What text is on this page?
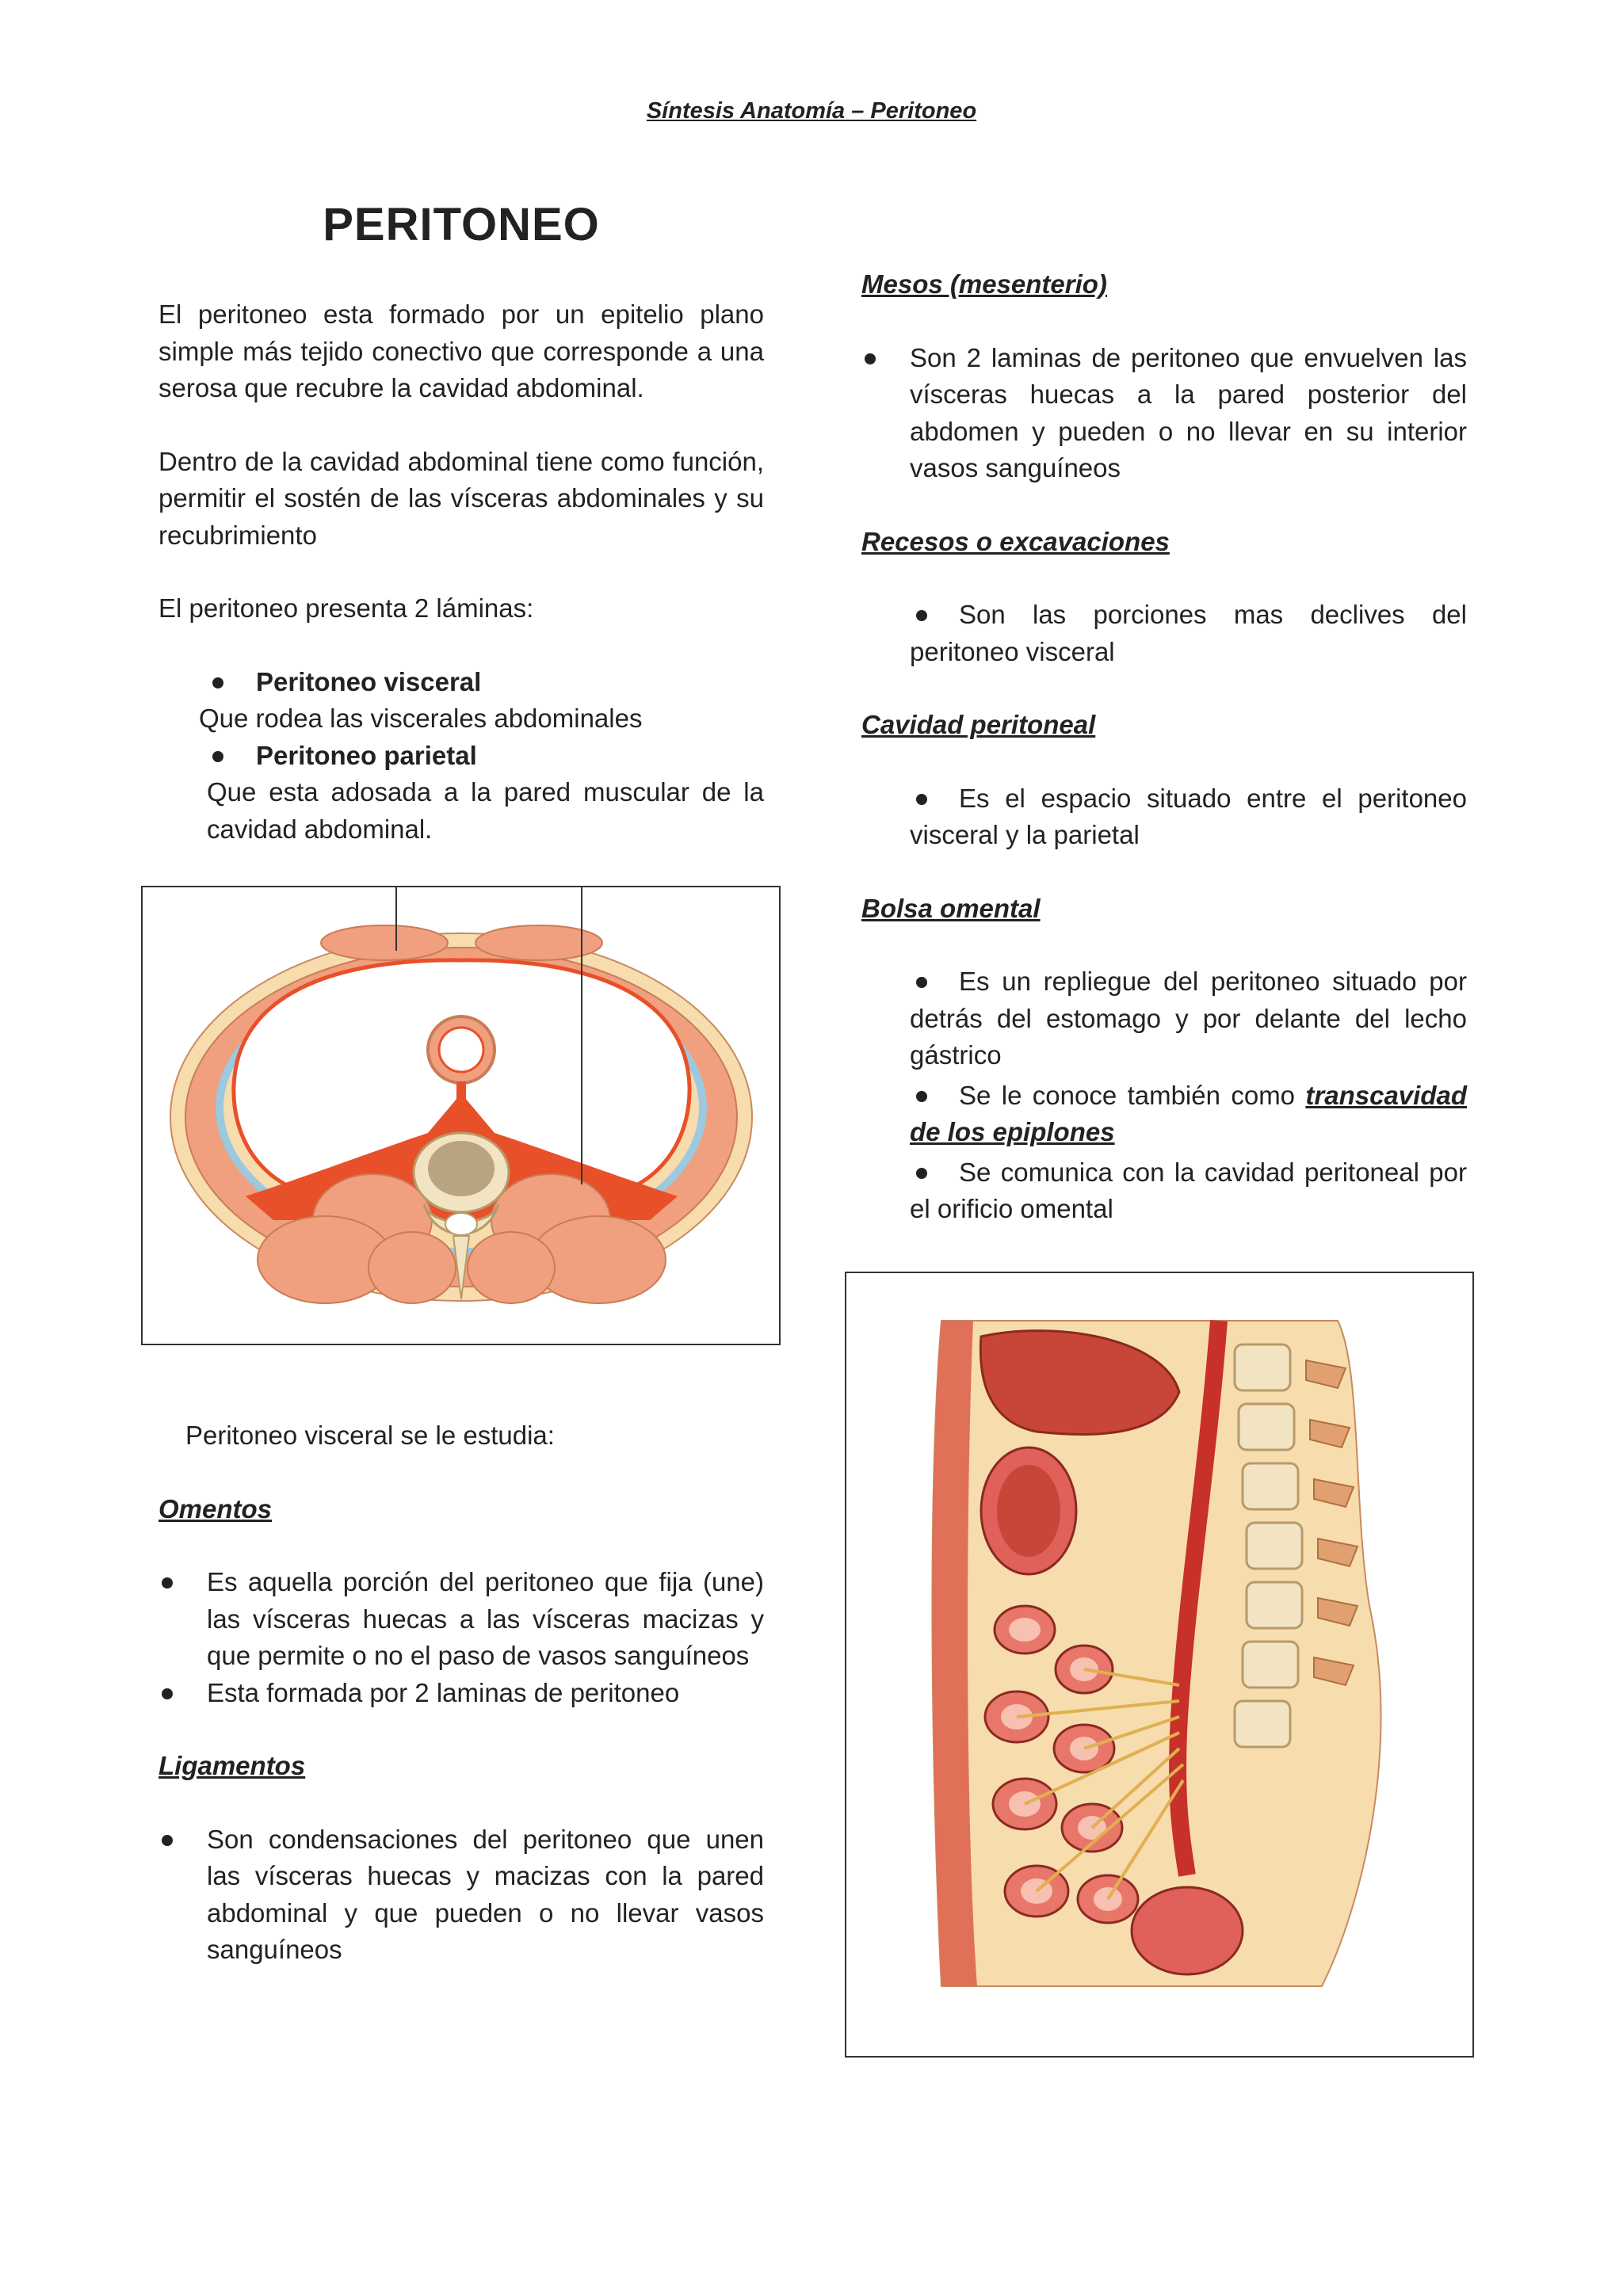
Síntesis Anatomía – Peritoneo
PERITONEO

El peritoneo esta formado por un epitelio plano simple más tejido conectivo que corresponde a una serosa que recubre la cavidad abdominal.

Dentro de la cavidad abdominal tiene como función, permitir el sostén de las vísceras abdominales y su recubrimiento

El peritoneo presenta 2 láminas:

Peritoneo visceral

Que rodea las viscerales abdominales

Peritoneo parietal

Que esta adosada a la pared muscular de la cavidad abdominal.

Peritoneo visceral se le estudia:

Omentos

Es aquella porción del peritoneo que fija (une) las vísceras huecas a las vísceras macizas y que permite o no el paso de vasos sanguíneos
Esta formada por 2 laminas de peritoneo

Ligamentos

Son condensaciones del peritoneo que unen las vísceras huecas y macizas con la pared abdominal y que pueden o no llevar vasos sanguíneos

Mesos (mesenterio)

Son 2 laminas de peritoneo que envuelven las vísceras huecas a la pared posterior del abdomen y pueden o no llevar en su interior vasos sanguíneos

Recesos o excavaciones

Son las porciones mas declives del peritoneo visceral

Cavidad peritoneal

Es el espacio situado entre el peritoneo visceral y la parietal

Bolsa omental

Es un repliegue del peritoneo situado por detrás del estomago y por delante del lecho gástrico
Se le conoce también como transcavidad de los epiplones
Se comunica con la cavidad peritoneal por el orificio omental
